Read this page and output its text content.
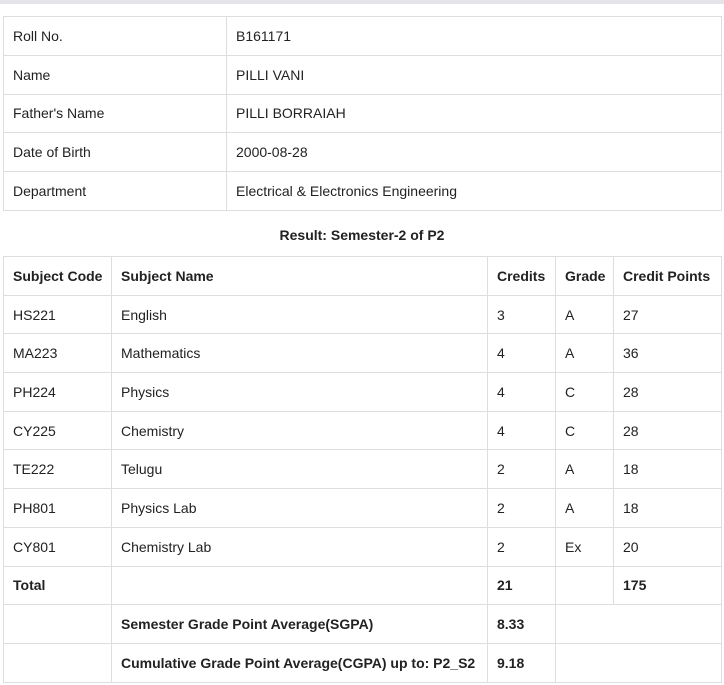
Roll No.	B161171
Name	PILLI VANI
Father's Name	PILLI BORRAIAH
Date of Birth	2000-08-28
Department	Electrical & Electronics Engineering
Result: Semester-2 of P2
Subject Code	Subject Name	Credits	Grade	Credit Points
HS221	English	3	A	27
MA223	Mathematics	4	A	36
PH224	Physics	4	C	28
CY225	Chemistry	4	C	28
TE222	Telugu	2	A	18
PH801	Physics Lab	2	A	18
CY801	Chemistry Lab	2	Ex	20
Total		21		175
	Semester Grade Point Average(SGPA)	8.33		
	Cumulative Grade Point Average(CGPA) up to: P2_S2	9.18		
